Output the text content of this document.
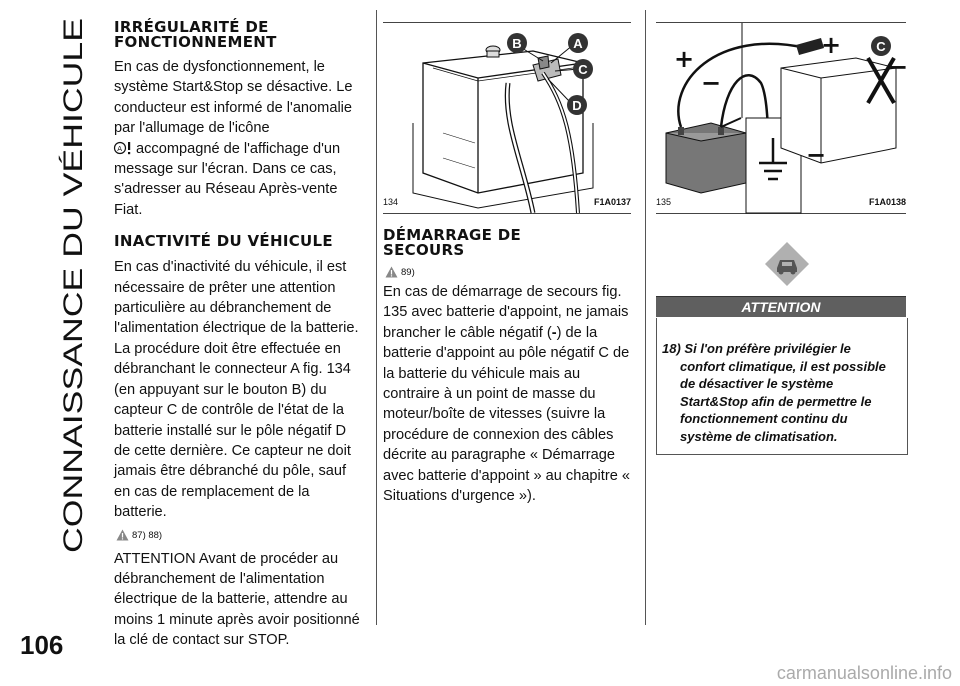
CONNAISSANCE DU VÉHICULE
106
IRRÉGULARITÉ DE FONCTIONNEMENT

En cas de dysfonctionnement, le système Start&Stop se désactive. Le conducteur est informé de l'anomalie par l'allumage de l'icône

A accompagné de l'affichage d'un message sur l'écran. Dans ce cas, s'adresser au Réseau Après-vente Fiat.

INACTIVITÉ DU VÉHICULE

En cas d'inactivité du véhicule, il est nécessaire de prêter une attention particulière au débranchement de l'alimentation électrique de la batterie. La procédure doit être effectuée en débranchant le connecteur A fig. 134 (en appuyant sur le bouton B) du capteur C de contrôle de l'état de la batterie installé sur le pôle négatif D de cette dernière. Ce capteur ne doit jamais être débranché du pôle, sauf en cas de remplacement de la batterie.

87) 88)

ATTENTION Avant de procéder au débranchement de l'alimentation électrique de la batterie, attendre au moins 1 minute après avoir positionné la clé de contact sur STOP.

B	A
C
D
134	F1A0137
DÉMARRAGE DE SECOURS
89)

En cas de démarrage de secours fig. 135 avec batterie d'appoint, ne jamais brancher le câble négatif (-) de la batterie d'appoint au pôle négatif C de la batterie du véhicule mais au contraire à un point de masse du moteur/boîte de vitesses (suivre la procédure de connexion des câbles décrite au paragraphe « Démarrage avec batterie d'appoint » au chapitre « Situations d'urgence »).

+
−
+
−
−
C
135	F1A0138
ATTENTION
18) Si l'on préfère privilégier le
confort climatique, il est possible de désactiver le système Start&Stop afin de permettre le fonctionnement continu du système de climatisation.
carmanualsonline.info
